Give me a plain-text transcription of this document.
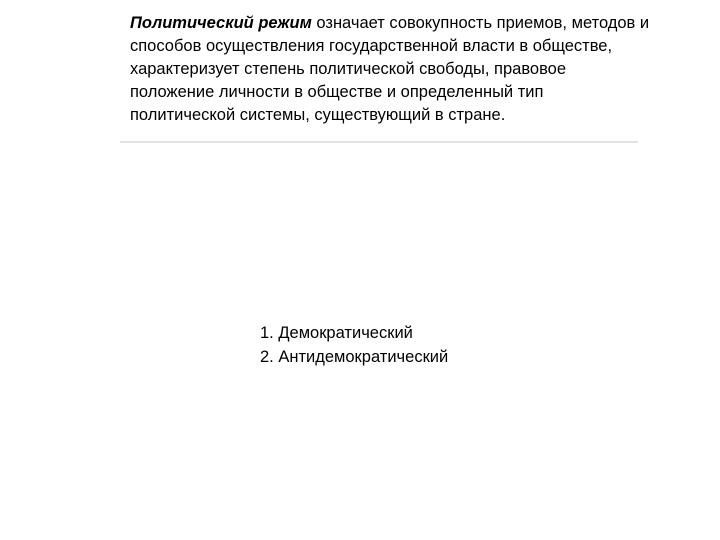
Политический режим означает совокупность приемов, методов и способов осуществления государственной власти в обществе, характеризует степень политической свободы, правовое положение личности в обществе и определенный тип политической системы, существующий в стране.

1. Демократический
2. Антидемократический
